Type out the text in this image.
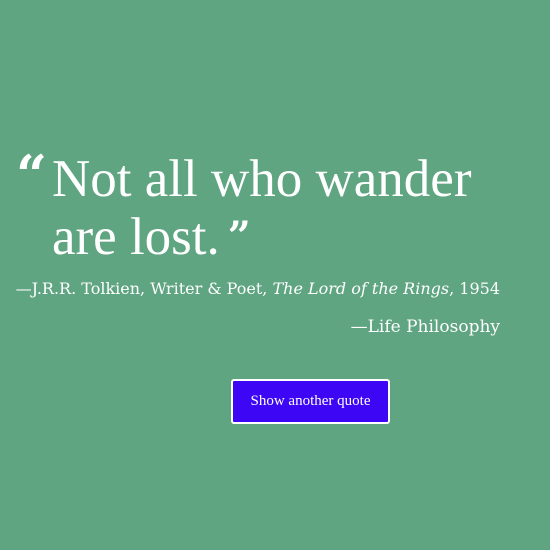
“ Not all who wander are lost. ”

—J.R.R. Tolkien, Writer & Poet, The Lord of the Rings, 1954
—Life Philosophy
Show another quote
